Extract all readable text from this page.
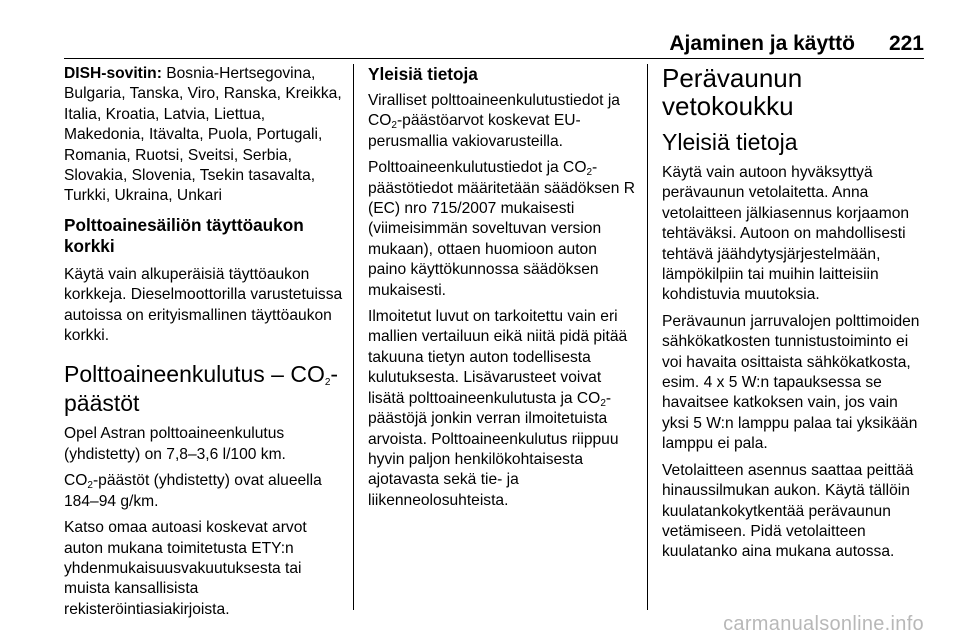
Ajaminen ja käyttö 221

DISH-sovitin: Bosnia-Hertsegovina, Bulgaria, Tanska, Viro, Ranska, Kreikka, Italia, Kroatia, Latvia, Liettua, Makedonia, Itävalta, Puola, Portugali, Romania, Ruotsi, Sveitsi, Serbia, Slovakia, Slovenia, Tsekin tasavalta, Turkki, Ukraina, Unkari

Polttoainesäiliön täyttöaukon korkki

Käytä vain alkuperäisiä täyttöaukon korkkeja. Dieselmoottorilla varustetuissa autoissa on erityismallinen täyttöaukon korkki.

Polttoaineenkulutus – $CO_2$-päästöt

Opel Astran polttoaineenkulutus (yhdistetty) on 7,8–3,6 l/100 km.

$CO_2$-päästöt (yhdistetty) ovat alueella 184–94 g/km.

Katso omaa autoasi koskevat arvot auton mukana toimitetusta ETY:n yhdenmukaisuusvakuutuksesta tai muista kansallisista rekisteröintiasiakirjoista.

Yleisiä tietoja

Viralliset polttoaineenkulutustiedot ja $CO_2$-päästöarvot koskevat EU-perusmallia vakiovarusteilla.

Polttoaineenkulutustiedot ja $CO_2$-päästötiedot määritetään säädöksen R (EC) nro 715/2007 mukaisesti (viimeisimmän soveltuvan version mukaan), ottaen huomioon auton paino käyttökunnossa säädöksen mukaisesti.

Ilmoitetut luvut on tarkoitettu vain eri mallien vertailuun eikä niitä pidä pitää takuuna tietyn auton todellisesta kulutuksesta. Lisävarusteet voivat lisätä polttoaineenkulutusta ja $CO_2$-päästöjä jonkin verran ilmoitetuista arvoista. Polttoaineenkulutus riippuu hyvin paljon henkilökohtaisesta ajotavasta sekä tie- ja liikenneolosuhteista.

Perävaunun vetokoukku
Yleisiä tietoja

Käytä vain autoon hyväksyttyä perävaunun vetolaitetta. Anna vetolaitteen jälkiasennus korjaamon tehtäväksi. Autoon on mahdollisesti tehtävä jäähdytysjärjestelmään, lämpökilpiin tai muihin laitteisiin kohdistuvia muutoksia.

Perävaunun jarruvalojen polttimoiden sähkökatkosten tunnistustoiminto ei voi havaita osittaista sähkökatkosta, esim. 4 x 5 W:n tapauksessa se havaitsee katkoksen vain, jos vain yksi 5 W:n lamppu palaa tai yksikään lamppu ei pala.

Vetolaitteen asennus saattaa peittää hinaussilmukan aukon. Käytä tällöin kuulatankokytkentää perävaunun vetämiseen. Pidä vetolaitteen kuulatanko aina mukana autossa.

carmanualsonline.info
